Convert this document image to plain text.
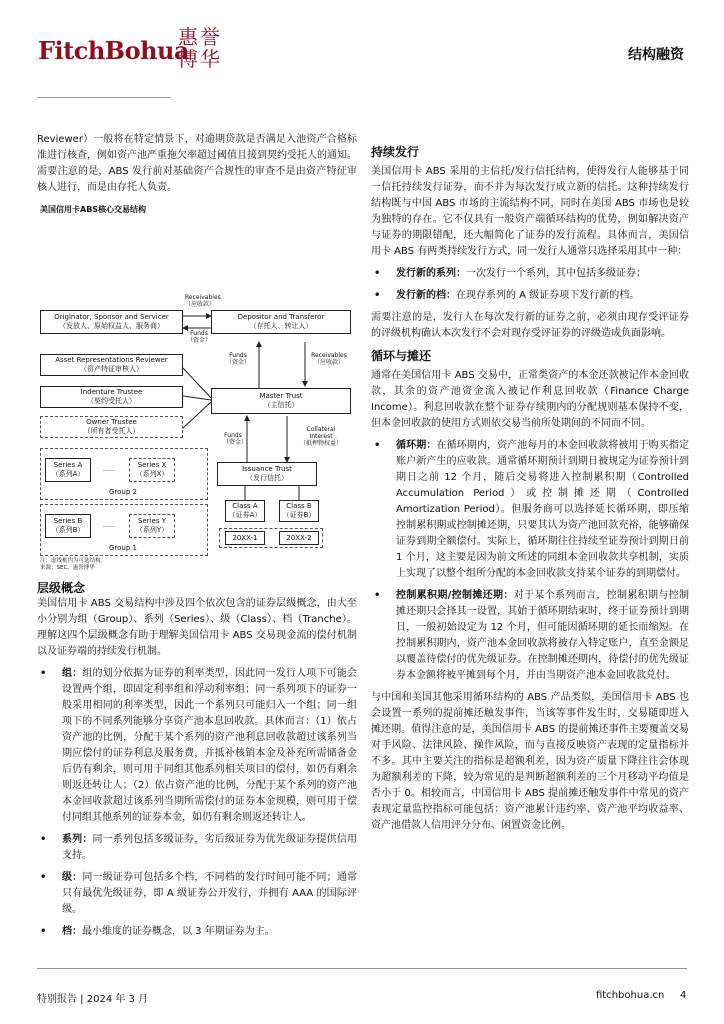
FitchBohua
惠誉博华	结构融资

Reviewer）一般将在特定情景下，对逾期贷款是否满足入池资产合格标准进行核查，例如资产池严重拖欠率超过阈值且接到契约受托人的通知。需要注意的是，ABS 发行前对基础资产合规性的审查不是由资产特征审核人进行，而是由存托人负责。

美国信用卡ABS核心交易结构
Originator, Sponsor and Servicer
（发放人、原始权益人、服务商）
Receivables
（应收款）
Funds
（资金）
Depositor and Transferor
（存托人、转让人）
Funds
（资金）
Receivables
（应收款）
Asset Representations Reviewer
（资产特征审核人）
Indenture Trustee
（契约受托人）
Owner Trustee
（所有者受托人）
Master Trust
（主信托）
Funds
（资金）
Collateral
Interest
（抵押物权益）
Series A
（系列A）
……
Series X
（系列X）
Group 2
Issuance Trust
（发行信托）
Series B
（系列B）
……
Series Y
（系列Y）
Group 1
Class A
（证券A）
Class B
（证券B）
20XX-1	20XX-2
注：虚线框内为可选结构。
来源：SEC、惠誉博华
层级概念

美国信用卡 ABS 交易结构中涉及四个依次包含的证券层级概念，由大至小分别为组（Group）、系列（Series）、级（Class）、档（Tranche）。理解这四个层级概念有助于理解美国信用卡 ABS 交易现金流的偿付机制以及证券端的持续发行机制。

• 组：组的划分依据为证券的利率类型，因此同一发行人项下可能会设置两个组，即固定利率组和浮动利率组；同一系列项下的证券一般采用相同的利率类型，因此一个系列只可能归入一个组；同一组项下的不同系列能够分享资产池本息回收款。具体而言：（1）依占资产池的比例，分配于某个系列的资产池利息回收款超过该系列当期应偿付的证券利息及服务费，并抵补核销本金及补充所需储备金后仍有剩余，则可用于同组其他系列相关项目的偿付，如仍有剩余则返还转让人；（2）依占资产池的比例，分配于某个系列的资产池本金回收款超过该系列当期所需偿付的证券本金规模，则可用于偿付同组其他系列的证券本金，如仍有剩余则返还转让人。
• 系列：同一系列包括多级证券，劣后级证券为优先级证券提供信用支持。
• 级：同一级证券可包括多个档，不同档的发行时间可能不同；通常只有最优先级证券，即 A 级证券公开发行，并拥有 AAA 的国际评级。
• 档：最小维度的证券概念，以 3 年期证券为主。
持续发行

美国信用卡 ABS 采用的主信托/发行信托结构，使得发行人能够基于同一信托持续发行证券，而不并为每次发行成立新的信托。这种持续发行结构既与中国 ABS 市场的主流结构不同，同时在美国 ABS 市场也是较为独特的存在。它不仅具有一般资产端循环结构的优势，例如解决资产与证券的期限错配，还大幅简化了证券的发行流程。具体而言，美国信用卡 ABS 有两类持续发行方式，同一发行人通常只选择采用其中一种：

• 发行新的系列：一次发行一个系列，其中包括多级证券；
• 发行新的档：在现存系列的 A 级证券项下发行新的档。

需要注意的是，发行人在每次发行新的证券之前，必须由现存受评证券的评级机构确认本次发行不会对现存受评证券的评级造成负面影响。

循环与摊还

通常在美国信用卡 ABS 交易中，正常类资产的本金还款被记作本金回收款，其余的资产池资金流入被记作利息回收款（Finance Charge Income）。利息回收款在整个证券存续期内的分配规则基本保持不变，但本金回收款的使用方式则依交易当前所处期间的不同而不同。

• 循环期：在循环期内，资产池每月的本金回收款将被用于购买指定账户新产生的应收款。通常循环期预计到期日被规定为证券预计到期日之前 12 个月，随后交易将进入控制累积期（Controlled Accumulation Period）或控制摊还期（Controlled Amortization Period）。但服务商可以选择延长循环期，即压缩控制累积期或控制摊还期，只要其认为资产池回款充裕，能够确保证券到期全额偿付。实际上，循环期往往持续至证券预计到期日前 1 个月，这主要是因为前文所述的同组本金回收款共享机制，实质上实现了以整个组所分配的本金回收款支持某个证券的到期偿付。
• 控制累积期/控制摊还期：对于某个系列而言，控制累积期与控制摊还期只会择其一设置，其始于循环期结束时，终于证券预计到期日，一般初始设定为 12 个月，但可能因循环期的延长而缩短。在控制累积期内，资产池本金回收款将被存入特定账户，直至金额足以覆盖待偿付的优先级证券。在控制摊还期内，待偿付的优先级证券本金额将被平摊到每个月，并由当期资产池本金回收款兑付。

与中国和美国其他采用循环结构的 ABS 产品类似，美国信用卡 ABS 也会设置一系列的提前摊还触发事件，当该等事件发生时，交易随即进入摊还期。值得注意的是，美国信用卡 ABS 的提前摊还事件主要覆盖交易对手风险、法律风险、操作风险，而与直接反映资产表现的定量指标并不多。其中主要关注的指标是超额利差，因为资产质量下降往往会体现为超额利差的下降，较为常见的是判断超额利差的三个月移动平均值是否小于 0。相较而言，中国信用卡 ABS 提前摊还触发事件中常见的资产表现定量监控指标可能包括：资产池累计违约率、资产池平均收益率、资产池借款人信用评分分布、闲置资金比例。

特别报告 | 2024 年 3 月	fitchbohua.cn 4
